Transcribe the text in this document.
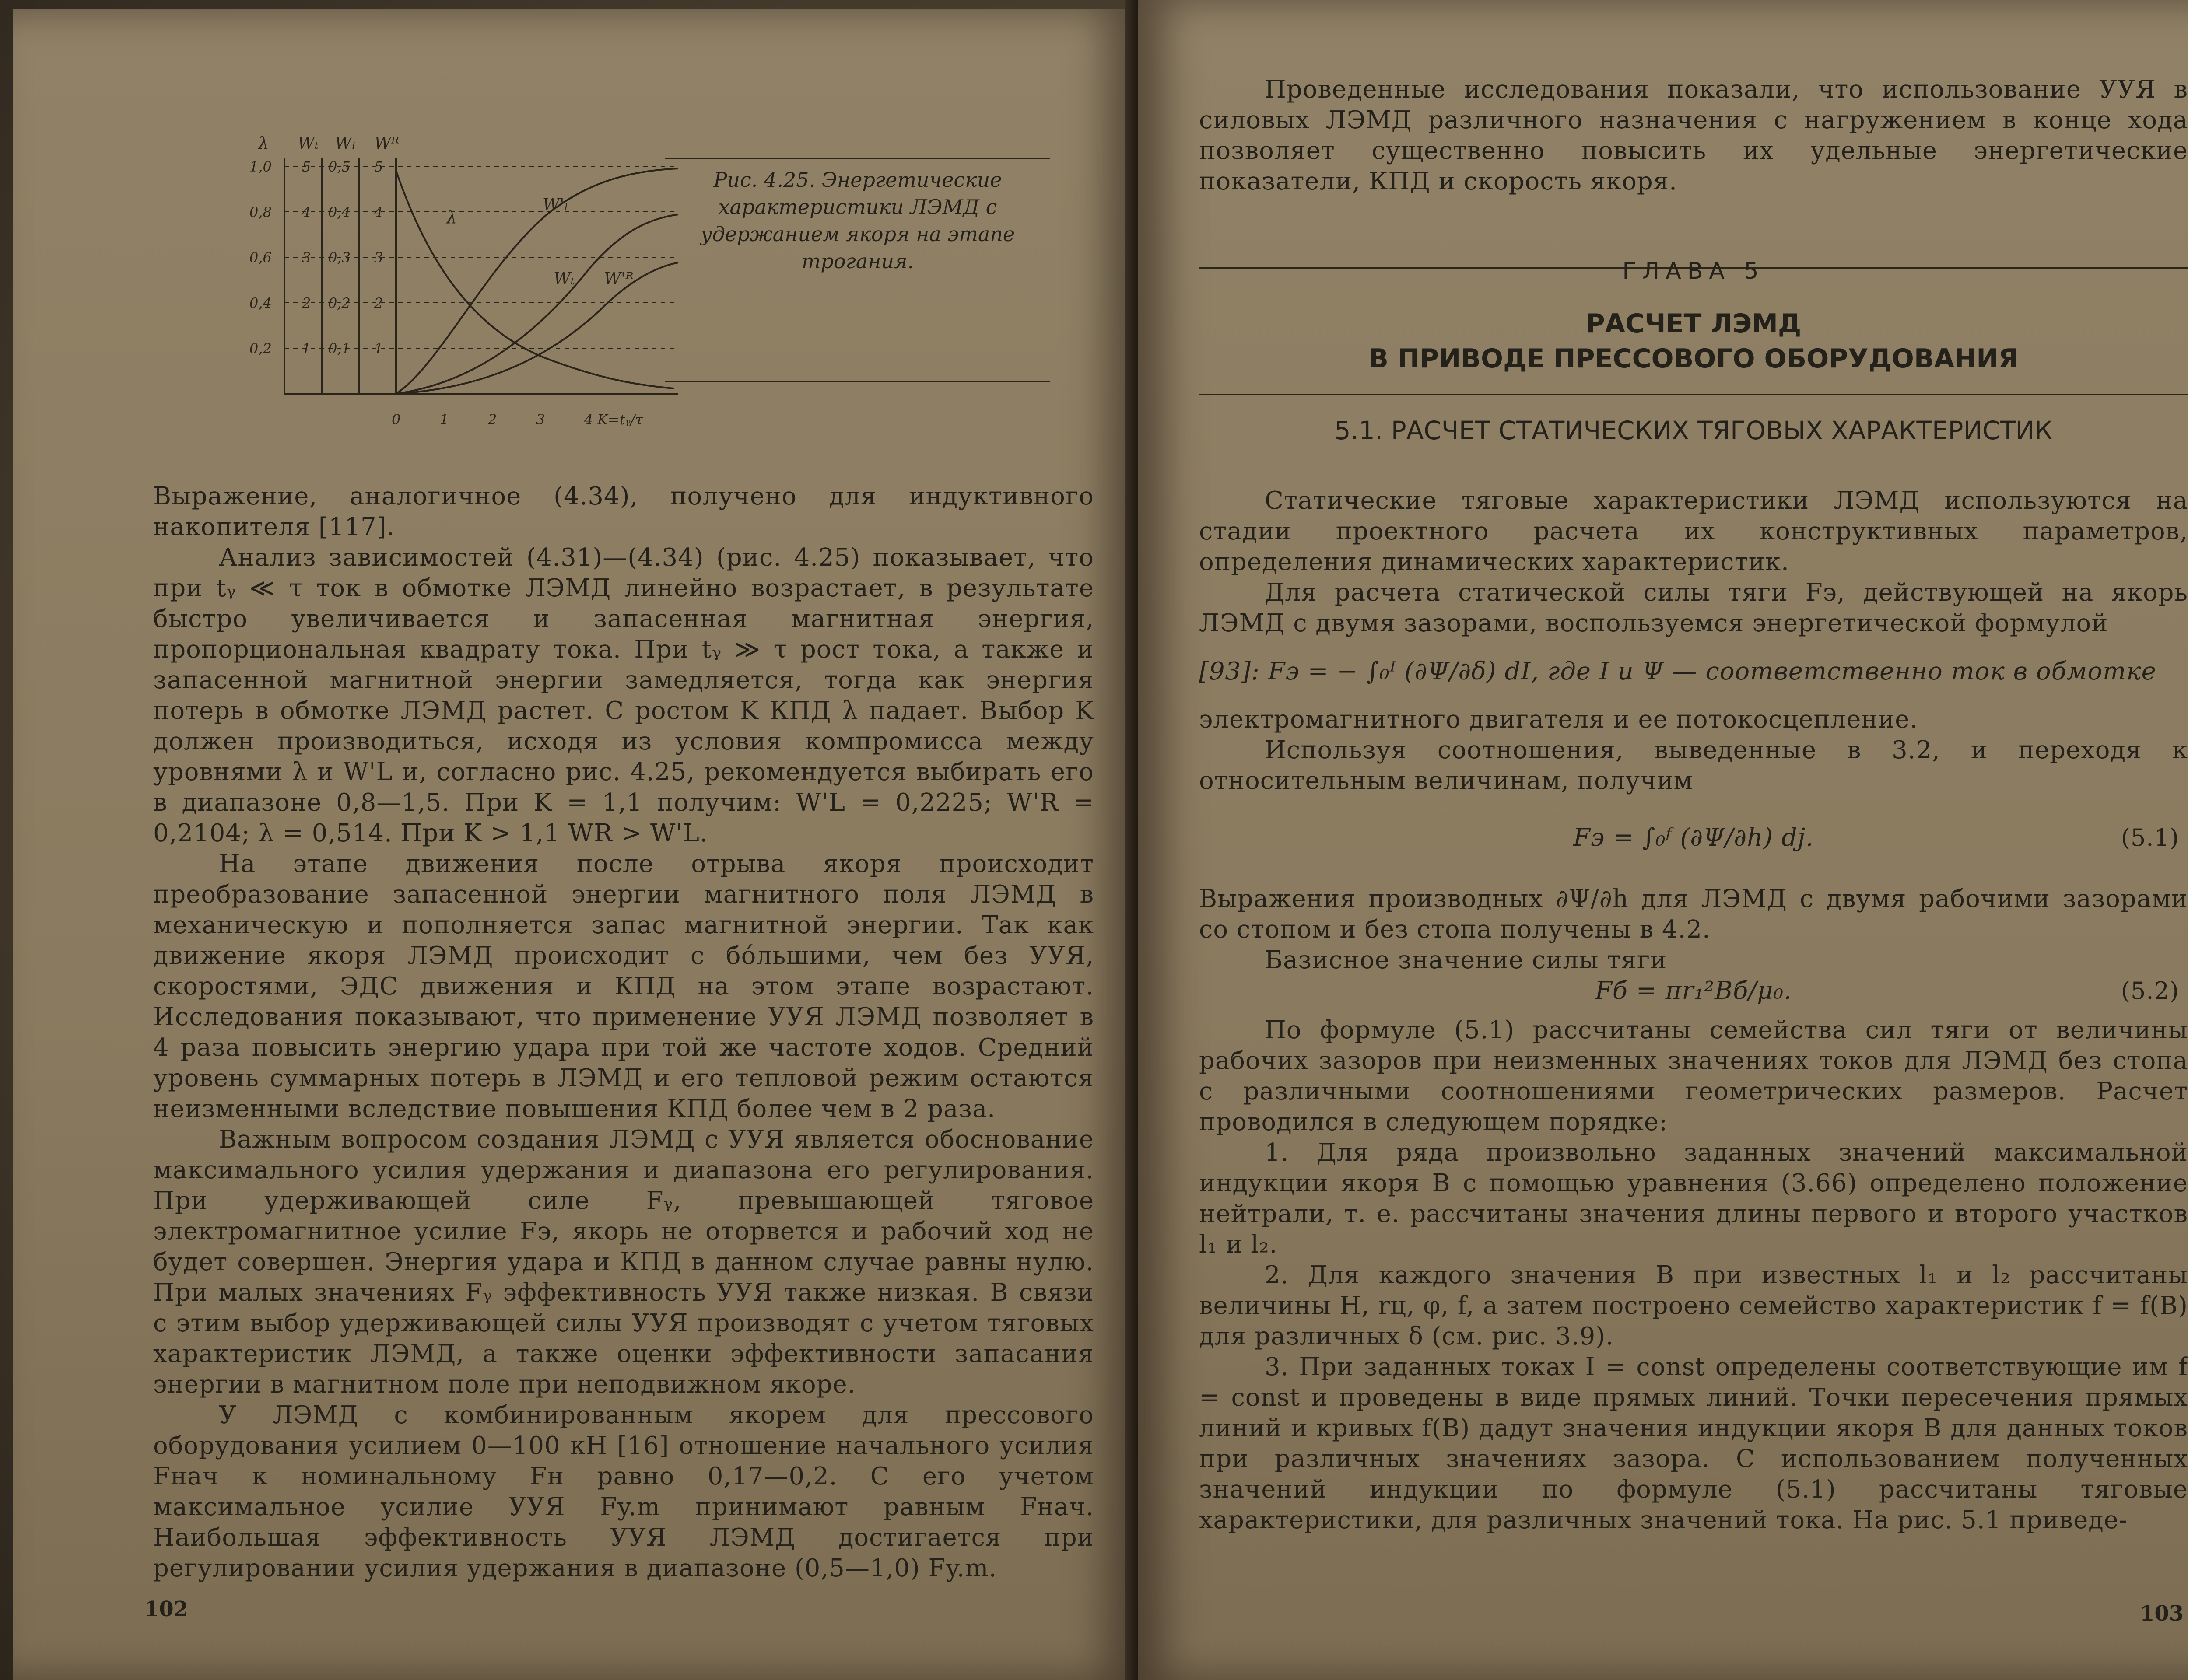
λ Wₜ Wₗ Wᴿ
1,0
0,8
0,6
0,4
0,2
5
4
3
2
1
0,5
0,4
0,3
0,2
0,1
5
4
3
2
1
0	1	2	3	4 K=tᵧ/τ
λ
W'ₗ
Wₜ W'ᴿ
Рис. 4.25. Энергетические характеристики ЛЭМД с удержанием якоря на этапе трогания.

Выражение, аналогичное (4.34), получено для индуктивного накопителя [117].

Анализ зависимостей (4.31)—(4.34) (рис. 4.25) показывает, что при tᵧ ≪ τ ток в обмотке ЛЭМД линейно возрастает, в результате быстро увеличивается и запасенная магнитная энергия, пропорциональная квадрату тока. При tᵧ ≫ τ рост тока, а также и запасенной магнитной энергии замедляется, тогда как энергия потерь в обмотке ЛЭМД растет. С ростом K КПД λ падает. Выбор K должен производиться, исходя из условия компромисса между уровнями λ и W'L и, согласно рис. 4.25, рекомендуется выбирать его в диапазоне 0,8—1,5. При K = 1,1 получим: W'L = 0,2225; W'R = 0,2104; λ = 0,514. При K > 1,1 WR > W'L.

На этапе движения после отрыва якоря происходит преобразование запасенной энергии магнитного поля ЛЭМД в механическую и пополняется запас магнитной энергии. Так как движение якоря ЛЭМД происходит с бо́льшими, чем без УУЯ, скоростями, ЭДС движения и КПД на этом этапе возрастают. Исследования показывают, что применение УУЯ ЛЭМД позволяет в 4 раза повысить энергию удара при той же частоте ходов. Средний уровень суммарных потерь в ЛЭМД и его тепловой режим остаются неизменными вследствие повышения КПД более чем в 2 раза.

Важным вопросом создания ЛЭМД с УУЯ является обоснование максимального усилия удержания и диапазона его регулирования. При удерживающей силе Fᵧ, превышающей тяговое электромагнитное усилие Fэ, якорь не оторвется и рабочий ход не будет совершен. Энергия удара и КПД в данном случае равны нулю. При малых значениях Fᵧ эффективность УУЯ также низкая. В связи с этим выбор удерживающей силы УУЯ производят с учетом тяговых характеристик ЛЭМД, а также оценки эффективности запасания энергии в магнитном поле при неподвижном якоре.

У ЛЭМД с комбинированным якорем для прессового оборудования усилием 0—100 кН [16] отношение начального усилия Fнач к номинальному Fн равно 0,17—0,2. С его учетом максимальное усилие УУЯ Fy.m принимают равным Fнач. Наибольшая эффективность УУЯ ЛЭМД достигается при регулировании усилия удержания в диапазоне (0,5—1,0) Fy.m.

102

Проведенные исследования показали, что использование УУЯ в силовых ЛЭМД различного назначения с нагружением в конце хода позволяет существенно повысить их удельные энергетические показатели, КПД и скорость якоря.

ГЛАВА 5
РАСЧЕТ ЛЭМД
В ПРИВОДЕ ПРЕССОВОГО ОБОРУДОВАНИЯ
5.1. РАСЧЕТ СТАТИЧЕСКИХ ТЯГОВЫХ ХАРАКТЕРИСТИК

Статические тяговые характеристики ЛЭМД используются на стадии проектного расчета их конструктивных параметров, определения динамических характеристик.

Для расчета статической силы тяги Fэ, действующей на якорь ЛЭМД с двумя зазорами, воспользуемся энергетической формулой

[93]: Fэ = − ∫₀ᴵ (∂Ψ/∂δ) dI, где I и Ψ — соответственно ток в обмотке

электромагнитного двигателя и ее потокосцепление.

Используя соотношения, выведенные в 3.2, и переходя к относительным величинам, получим

Fэ = ∫₀ᶠ (∂Ψ/∂h) dj.	(5.1)

Выражения производных ∂Ψ/∂h для ЛЭМД с двумя рабочими зазорами со стопом и без стопа получены в 4.2.

Базисное значение силы тяги

Fб = πr₁²Bб/μ₀.	(5.2)

По формуле (5.1) рассчитаны семейства сил тяги от величины рабочих зазоров при неизменных значениях токов для ЛЭМД без стопа с различными соотношениями геометрических размеров. Расчет проводился в следующем порядке:

1. Для ряда произвольно заданных значений максимальной индукции якоря B с помощью уравнения (3.66) определено положение нейтрали, т. е. рассчитаны значения длины первого и второго участков l₁ и l₂.

2. Для каждого значения B при известных l₁ и l₂ рассчитаны величины H, rц, φ, f, а затем построено семейство характеристик f = f(B) для различных δ (см. рис. 3.9).

3. При заданных токах I = const определены соответствующие им f = const и проведены в виде прямых линий. Точки пересечения прямых линий и кривых f(B) дадут значения индукции якоря B для данных токов при различных значениях зазора. С использованием полученных значений индукции по формуле (5.1) рассчитаны тяговые характеристики, для различных значений тока. На рис. 5.1 приведе-

103
